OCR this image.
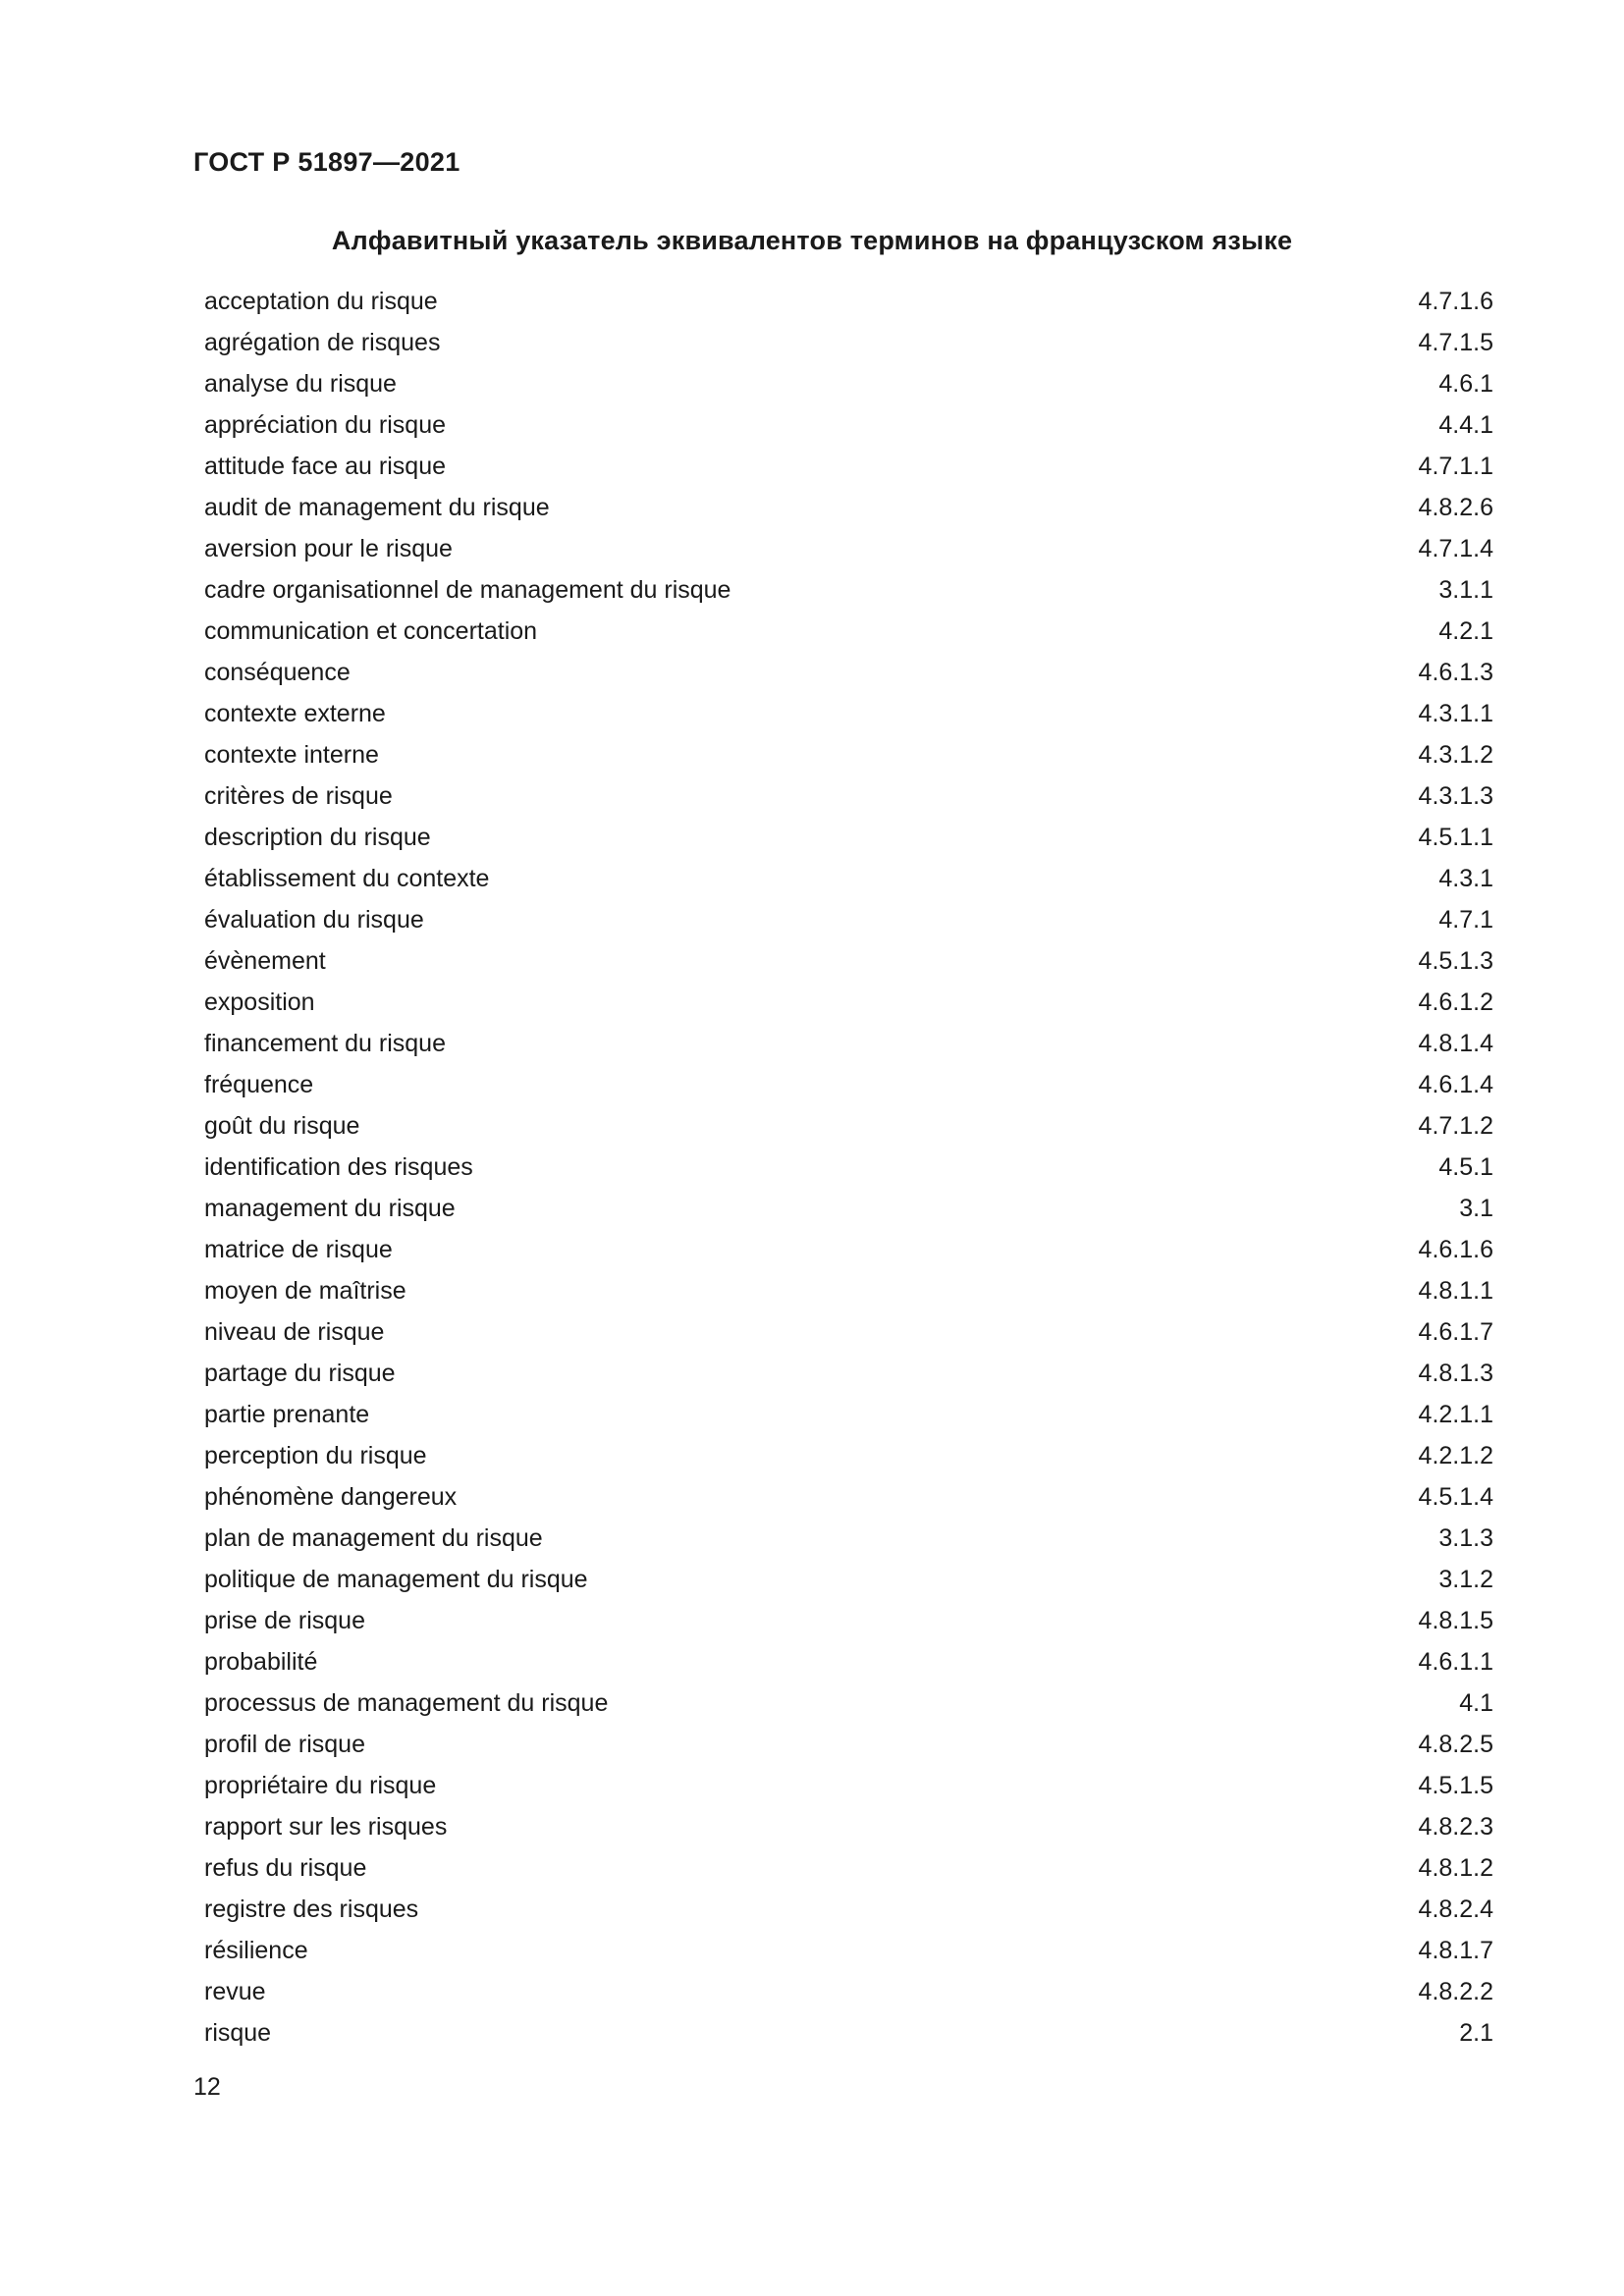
ГОСТ Р 51897—2021
Алфавитный указатель эквивалентов терминов на французском языке
acceptation du risque	4.7.1.6
agrégation de risques	4.7.1.5
analyse du risque	4.6.1
appréciation du risque	4.4.1
attitude face au risque	4.7.1.1
audit de management du risque	4.8.2.6
aversion pour le risque	4.7.1.4
cadre organisationnel de management du risque	3.1.1
communication et concertation	4.2.1
conséquence	4.6.1.3
contexte externe	4.3.1.1
contexte interne	4.3.1.2
critères de risque	4.3.1.3
description du risque	4.5.1.1
établissement du contexte	4.3.1
évaluation du risque	4.7.1
évènement	4.5.1.3
exposition	4.6.1.2
financement du risque	4.8.1.4
fréquence	4.6.1.4
goût du risque	4.7.1.2
identification des risques	4.5.1
management du risque	3.1
matrice de risque	4.6.1.6
moyen de maîtrise	4.8.1.1
niveau de risque	4.6.1.7
partage du risque	4.8.1.3
partie prenante	4.2.1.1
perception du risque	4.2.1.2
phénomène dangereux	4.5.1.4
plan de management du risque	3.1.3
politique de management du risque	3.1.2
prise de risque	4.8.1.5
probabilité	4.6.1.1
processus de management du risque	4.1
profil de risque	4.8.2.5
propriétaire du risque	4.5.1.5
rapport sur les risques	4.8.2.3
refus du risque	4.8.1.2
registre des risques	4.8.2.4
résilience	4.8.1.7
revue	4.8.2.2
risque	2.1
12
